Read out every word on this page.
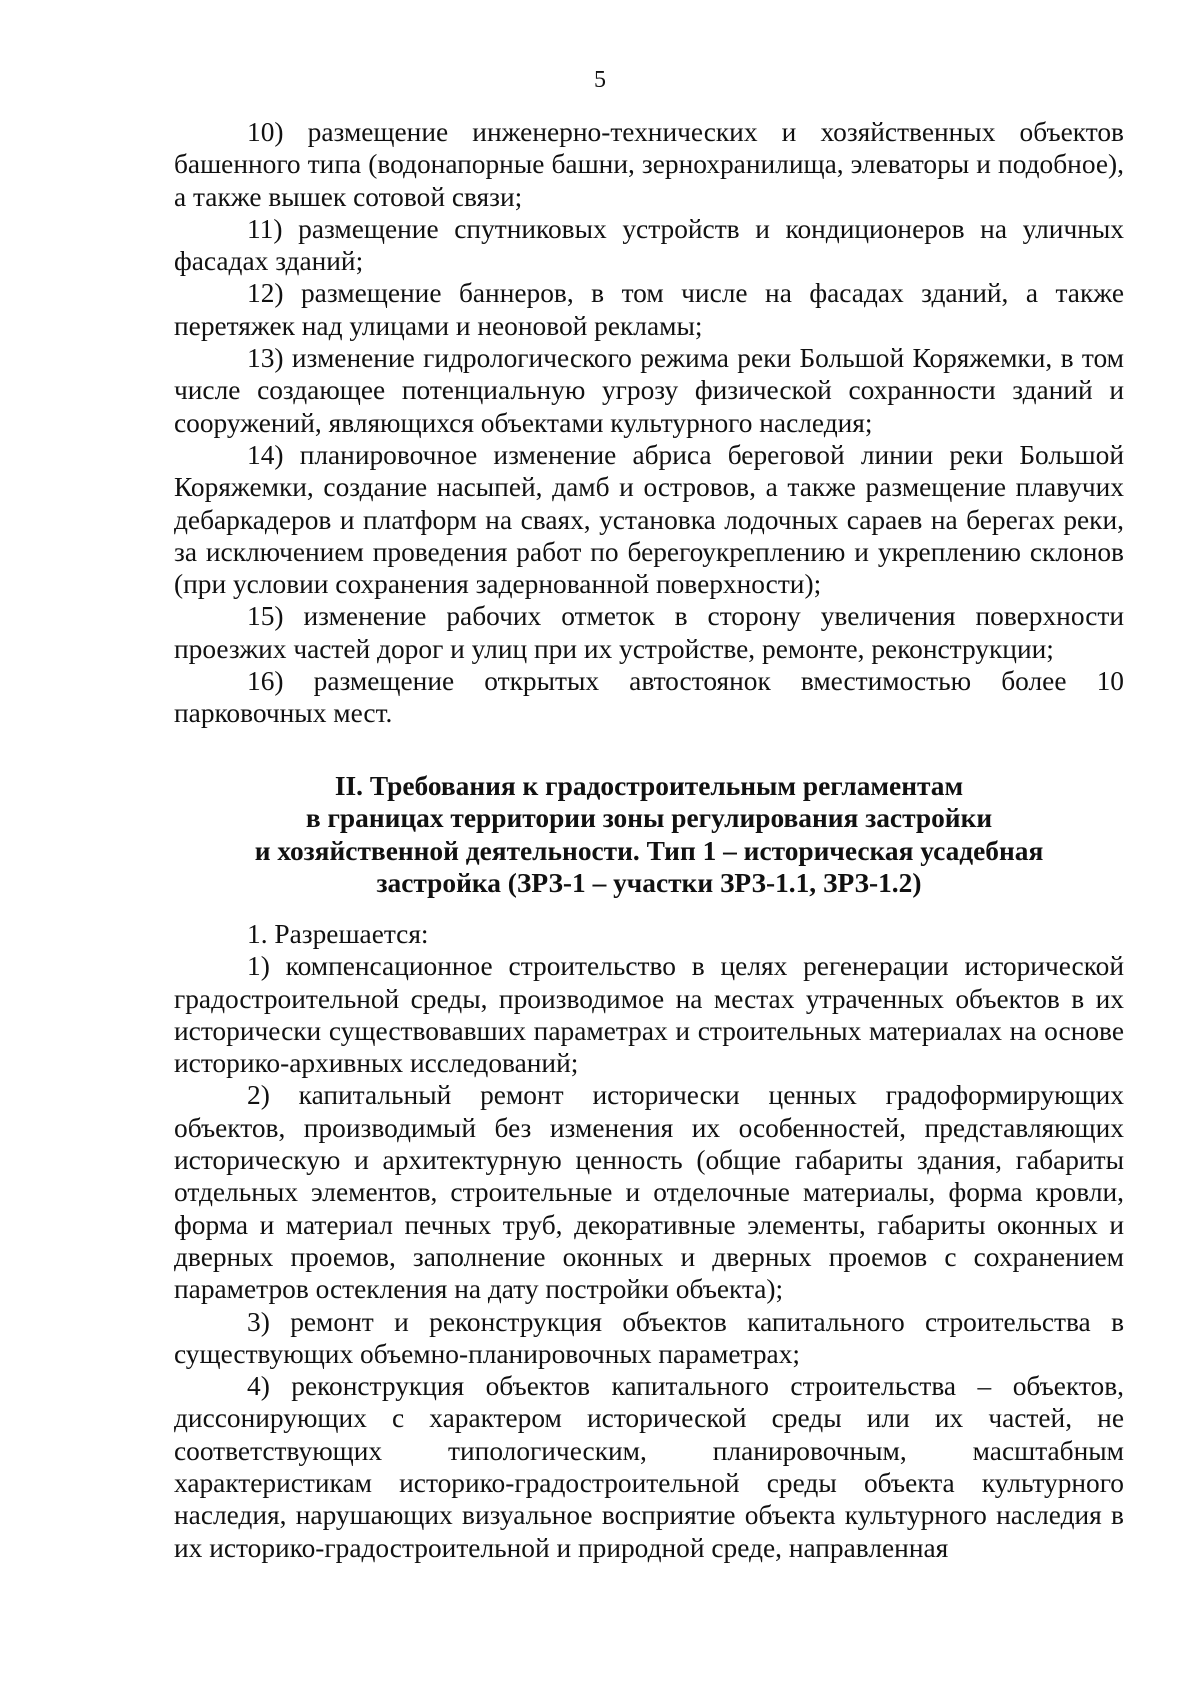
5

10) размещение инженерно-технических и хозяйственных объектов башенного типа (водонапорные башни, зернохранилища, элеваторы и подобное), а также вышек сотовой связи;

11) размещение спутниковых устройств и кондиционеров на уличных фасадах зданий;

12) размещение баннеров, в том числе на фасадах зданий, а также перетяжек над улицами и неоновой рекламы;

13) изменение гидрологического режима реки Большой Коряжемки, в том числе создающее потенциальную угрозу физической сохранности зданий и сооружений, являющихся объектами культурного наследия;

14) планировочное изменение абриса береговой линии реки Большой Коряжемки, создание насыпей, дамб и островов, а также размещение плавучих дебаркадеров и платформ на сваях, установка лодочных сараев на берегах реки, за исключением проведения работ по берегоукреплению и укреплению склонов (при условии сохранения задернованной поверхности);

15) изменение рабочих отметок в сторону увеличения поверхности проезжих частей дорог и улиц при их устройстве, ремонте, реконструкции;

16) размещение открытых автостоянок вместимостью более 10 парковочных мест.

II. Требования к градостроительным регламентам
в границах территории зоны регулирования застройки
и хозяйственной деятельности. Тип 1 – историческая усадебная
застройка (ЗРЗ-1 – участки ЗРЗ-1.1, ЗРЗ-1.2)

1. Разрешается:

1) компенсационное строительство в целях регенерации исторической градостроительной среды, производимое на местах утраченных объектов в их исторически существовавших параметрах и строительных материалах на основе историко-архивных исследований;

2) капитальный ремонт исторически ценных градоформирующих объектов, производимый без изменения их особенностей, представляющих историческую и архитектурную ценность (общие габариты здания, габариты отдельных элементов, строительные и отделочные материалы, форма кровли, форма и материал печных труб, декоративные элементы, габариты оконных и дверных проемов, заполнение оконных и дверных проемов с сохранением параметров остекления на дату постройки объекта);

3) ремонт и реконструкция объектов капитального строительства в существующих объемно-планировочных параметрах;

4) реконструкция объектов капитального строительства – объектов, диссонирующих с характером исторической среды или их частей, не соответствующих типологическим, планировочным, масштабным характеристикам историко-градостроительной среды объекта культурного наследия, нарушающих визуальное восприятие объекта культурного наследия в их историко-градостроительной и природной среде, направленная
